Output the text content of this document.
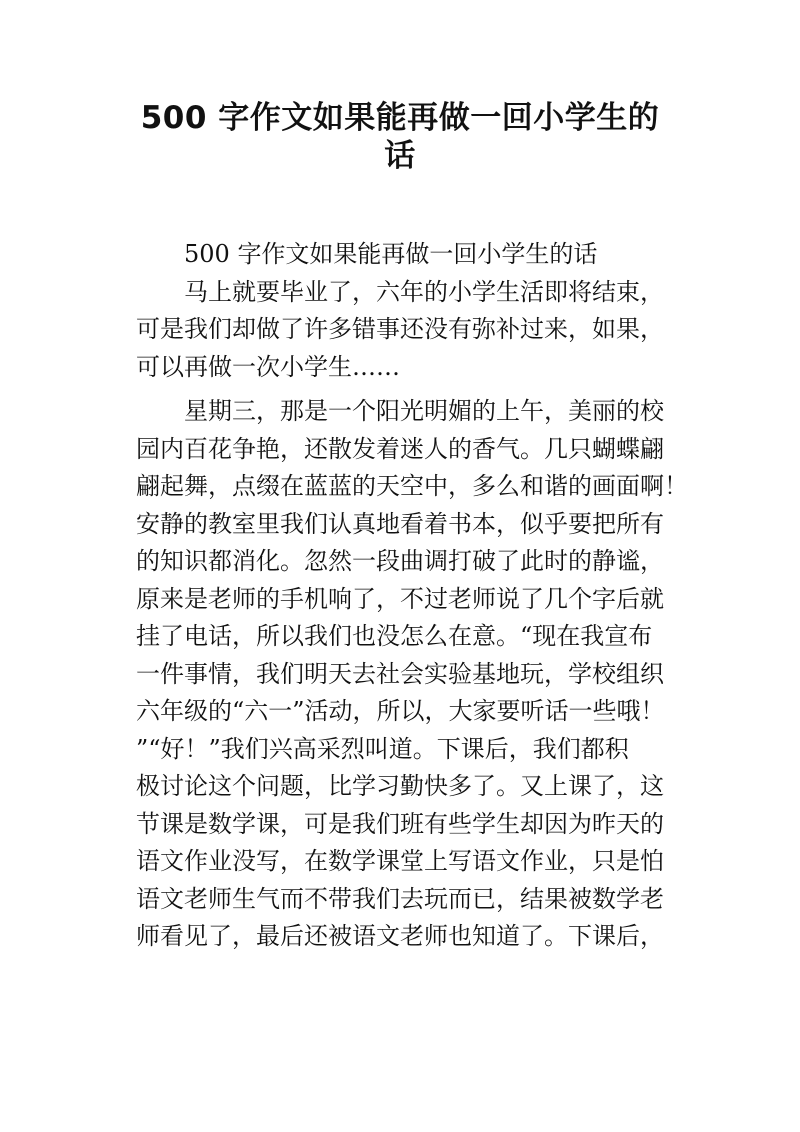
500 字作文如果能再做一回小学生的
话
500 字作文如果能再做一回小学生的话
马上就要毕业了，六年的小学生活即将结束，
可是我们却做了许多错事还没有弥补过来，如果，
可以再做一次小学生……
星期三，那是一个阳光明媚的上午，美丽的校
园内百花争艳，还散发着迷人的香气。几只蝴蝶翩
翩起舞，点缀在蓝蓝的天空中，多么和谐的画面啊！
安静的教室里我们认真地看着书本，似乎要把所有
的知识都消化。忽然一段曲调打破了此时的静谧，
原来是老师的手机响了，不过老师说了几个字后就
挂了电话，所以我们也没怎么在意。“现在我宣布
一件事情，我们明天去社会实验基地玩，学校组织
六年级的“六一”活动，所以，大家要听话一些哦！
”“好！”我们兴高采烈叫道。下课后，我们都积
极讨论这个问题，比学习勤快多了。又上课了，这
节课是数学课，可是我们班有些学生却因为昨天的
语文作业没写，在数学课堂上写语文作业，只是怕
语文老师生气而不带我们去玩而已，结果被数学老
师看见了，最后还被语文老师也知道了。下课后，
